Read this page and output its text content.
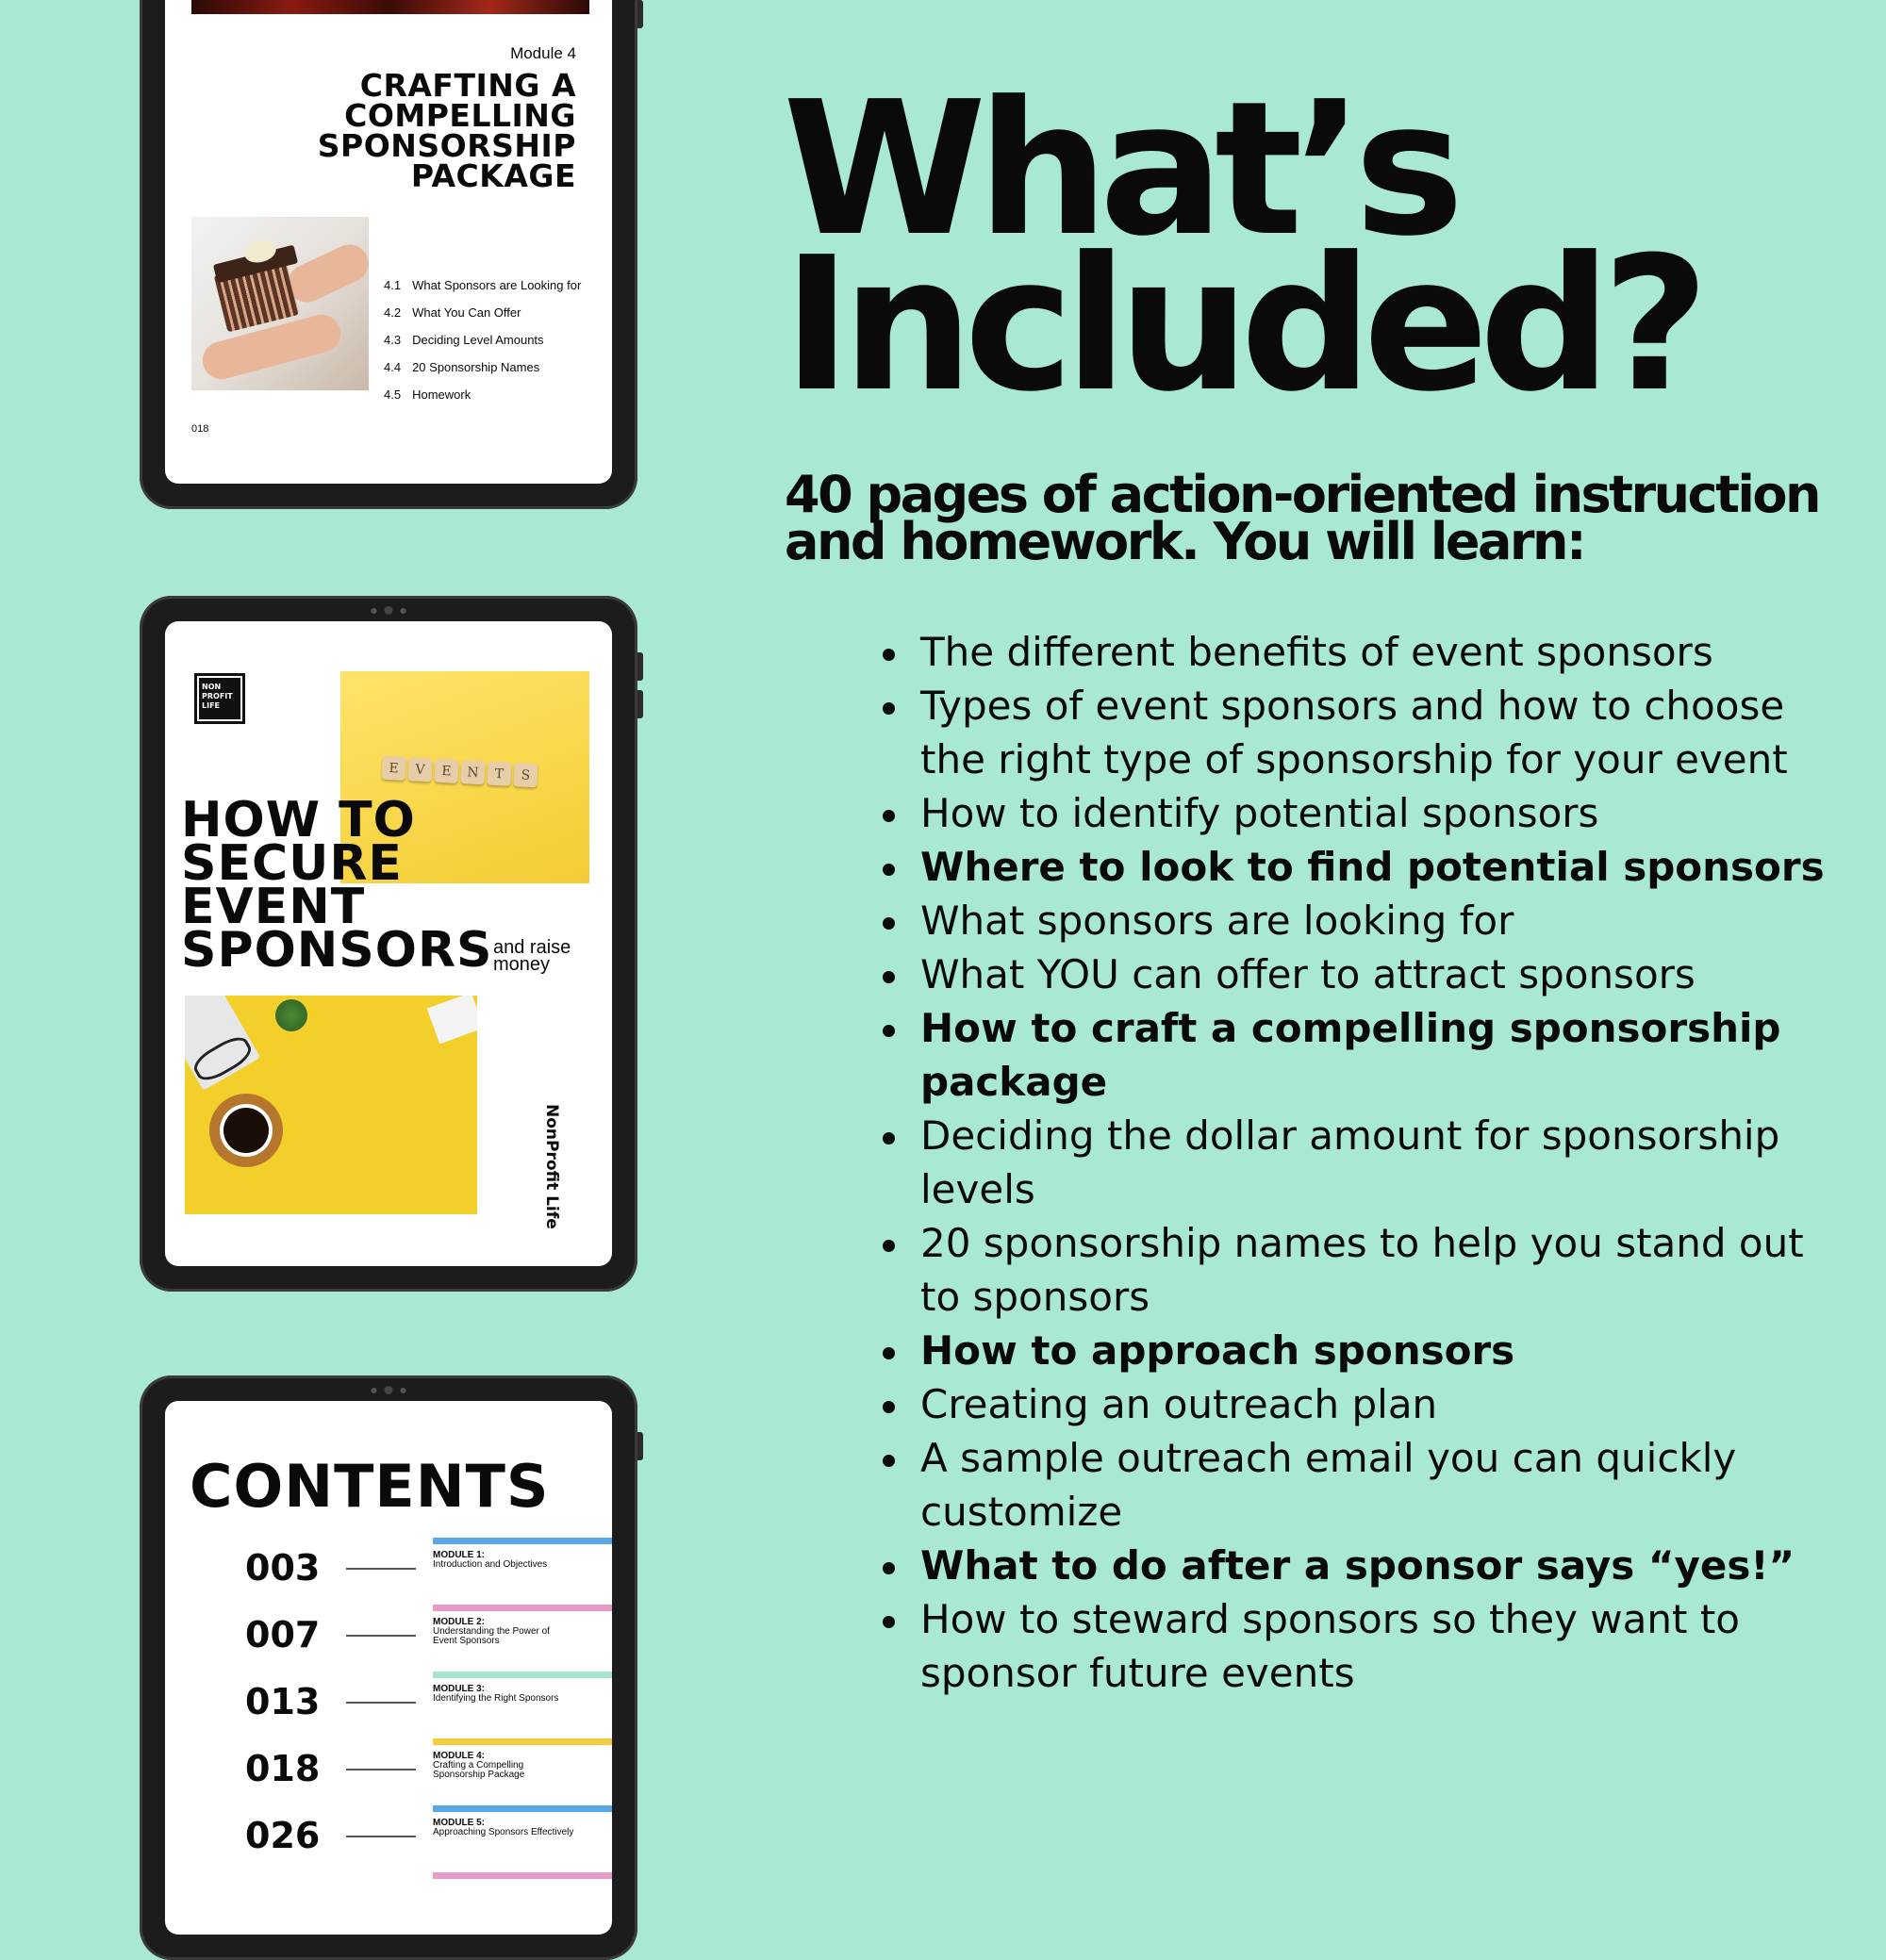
Module 4
CRAFTING A
COMPELLING
SPONSORSHIP
PACKAGE
4.1 What Sponsors are Looking for
4.2 What You Can Offer
4.3 Deciding Level Amounts
4.4 20 Sponsorship Names
4.5 Homework
018
NON
PROFIT
LIFE
E	V	E	N	T	S
HOW TO
SECURE
EVENT
SPONSORS and raise
money
NonProfit Life
CONTENTS
003	MODULE 1:
Introduction and Objectives
007	MODULE 2:
Understanding the Power of Event Sponsors
013	MODULE 3:
Identifying the Right Sponsors
018	MODULE 4:
Crafting a Compelling Sponsorship Package
026	MODULE 5:
Approaching Sponsors Effectively
What’s
Included?
40 pages of action-oriented instruction
and homework. You will learn:
The different benefits of event sponsors
Types of event sponsors and how to choose the right type of sponsorship for your event
How to identify potential sponsors
Where to look to find potential sponsors
What sponsors are looking for
What YOU can offer to attract sponsors
How to craft a compelling sponsorship package
Deciding the dollar amount for sponsorship levels
20 sponsorship names to help you stand out to sponsors
How to approach sponsors
Creating an outreach plan
A sample outreach email you can quickly customize
What to do after a sponsor says “yes!”
How to steward sponsors so they want to sponsor future events
